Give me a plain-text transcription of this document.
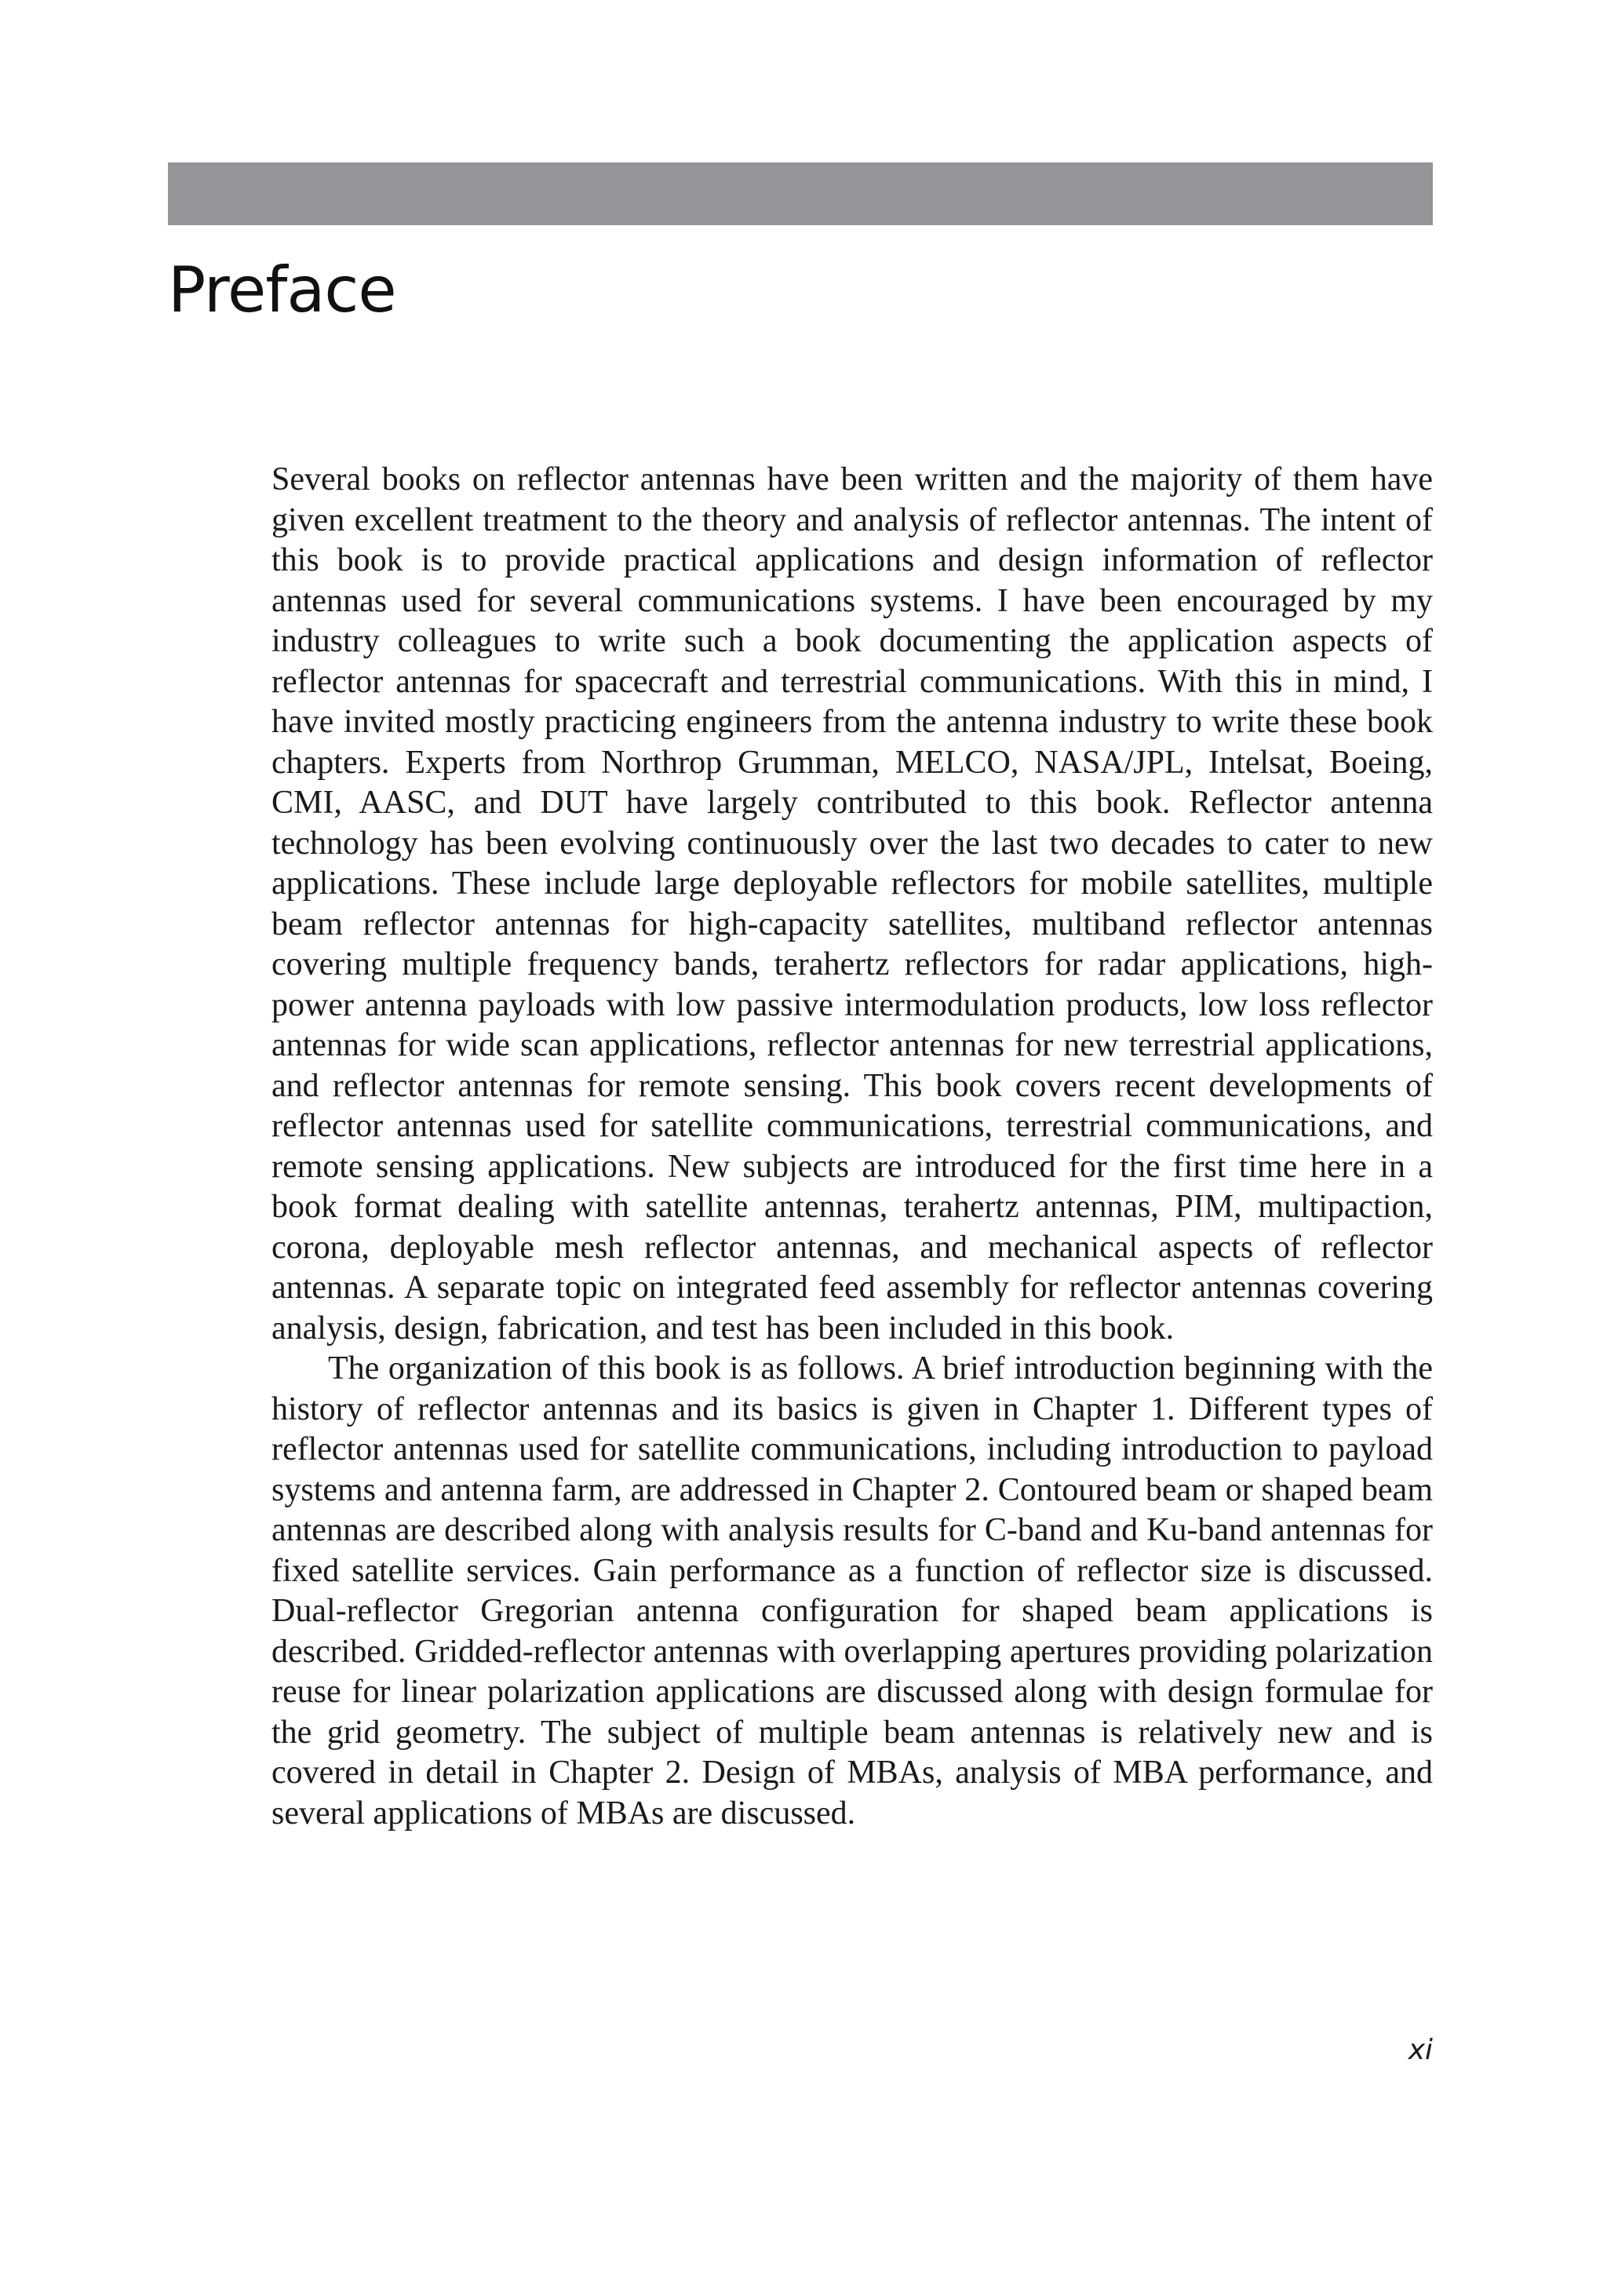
Preface

Several books on reflector antennas have been written and the majority of them have given excellent treatment to the theory and analysis of reflector antennas. The intent of this book is to provide practical applications and design information of reflector antennas used for several communications systems. I have been encouraged by my industry colleagues to write such a book documenting the application aspects of reflector antennas for spacecraft and terrestrial communications. With this in mind, I have invited mostly practicing engineers from the antenna industry to write these book chapters. Experts from Northrop Grumman, MELCO, NASA/JPL, Intelsat, Boeing, CMI, AASC, and DUT have largely contributed to this book. Reflector antenna technology has been evolving continuously over the last two decades to cater to new applications. These include large deployable reflectors for mobile satellites, multiple beam reflector antennas for high-capacity satellites, multiband reflector antennas covering multiple frequency bands, terahertz reflectors for radar applications, high-power antenna payloads with low passive intermodulation products, low loss reflector antennas for wide scan applications, reflector antennas for new terrestrial applications, and reflector antennas for remote sensing. This book covers recent developments of reflector antennas used for satellite communications, terrestrial communications, and remote sensing applications. New subjects are introduced for the first time here in a book format dealing with satellite antennas, terahertz antennas, PIM, multipaction, corona, deployable mesh reflector antennas, and mechanical aspects of reflector antennas. A separate topic on integrated feed assembly for reflector antennas covering analysis, design, fabrication, and test has been included in this book.

The organization of this book is as follows. A brief introduction beginning with the history of reflector antennas and its basics is given in Chapter 1. Different types of reflector antennas used for satellite communications, including introduction to payload systems and antenna farm, are addressed in Chapter 2. Contoured beam or shaped beam antennas are described along with analysis results for C-band and Ku-band antennas for fixed satellite services. Gain performance as a function of reflector size is discussed. Dual-reflector Gregorian antenna configuration for shaped beam applications is described. Gridded-reflector antennas with overlapping apertures providing polarization reuse for linear polarization applications are discussed along with design formulae for the grid geometry. The subject of multiple beam antennas is relatively new and is covered in detail in Chapter 2. Design of MBAs, analysis of MBA performance, and several applications of MBAs are discussed.

xi
